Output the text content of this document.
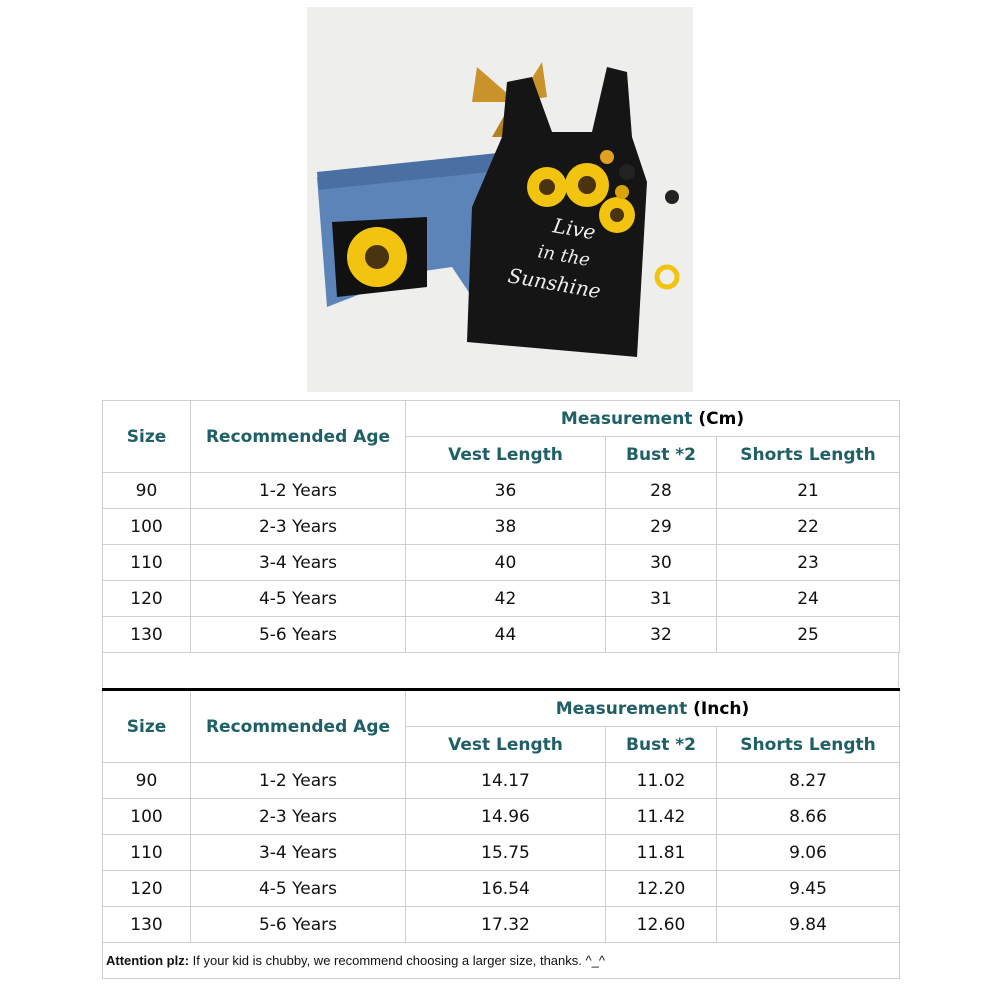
Live
in the
Sunshine
Size	Recommended Age	Measurement (Cm)		
		Vest Length	Bust *2	Shorts Length
90	1-2 Years	36	28	21
100	2-3 Years	38	29	22
110	3-4 Years	40	30	23
120	4-5 Years	42	31	24
130	5-6 Years	44	32	25
Size	Recommended Age	Measurement (Inch)		
		Vest Length	Bust *2	Shorts Length
90	1-2 Years	14.17	11.02	8.27
100	2-3 Years	14.96	11.42	8.66
110	3-4 Years	15.75	11.81	9.06
120	4-5 Years	16.54	12.20	9.45
130	5-6 Years	17.32	12.60	9.84
Attention plz: If your kid is chubby, we recommend choosing a larger size, thanks. ^_^				
